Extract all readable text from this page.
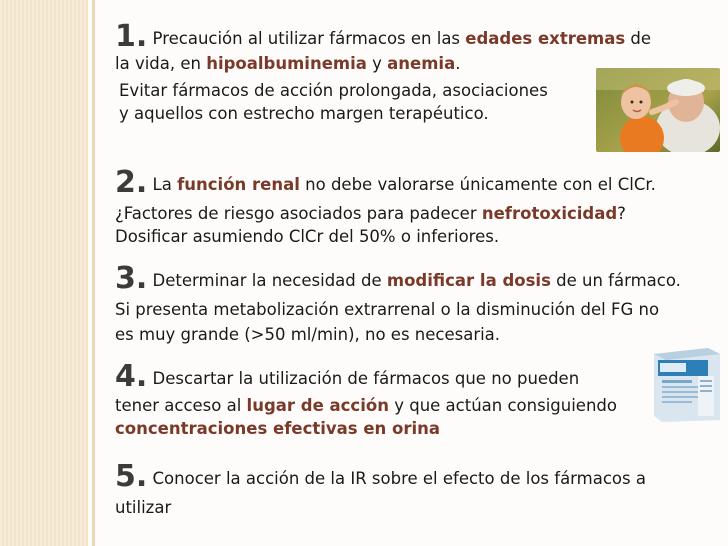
1. Precaución al utilizar fármacos en las edades extremas de
la vida, en hipoalbuminemia y anemia.
Evitar fármacos de acción prolongada, asociaciones
y aquellos con estrecho margen terapéutico.
2. La función renal no debe valorarse únicamente con el ClCr.
¿Factores de riesgo asociados para padecer nefrotoxicidad?
Dosificar asumiendo ClCr del 50% o inferiores.
3. Determinar la necesidad de modificar la dosis de un fármaco.
Si presenta metabolización extrarrenal o la disminución del FG no
es muy grande (>50 ml/min), no es necesaria.
4. Descartar la utilización de fármacos que no pueden
tener acceso al lugar de acción y que actúan consiguiendo
concentraciones efectivas en orina
5. Conocer la acción de la IR sobre el efecto de los fármacos a
utilizar
